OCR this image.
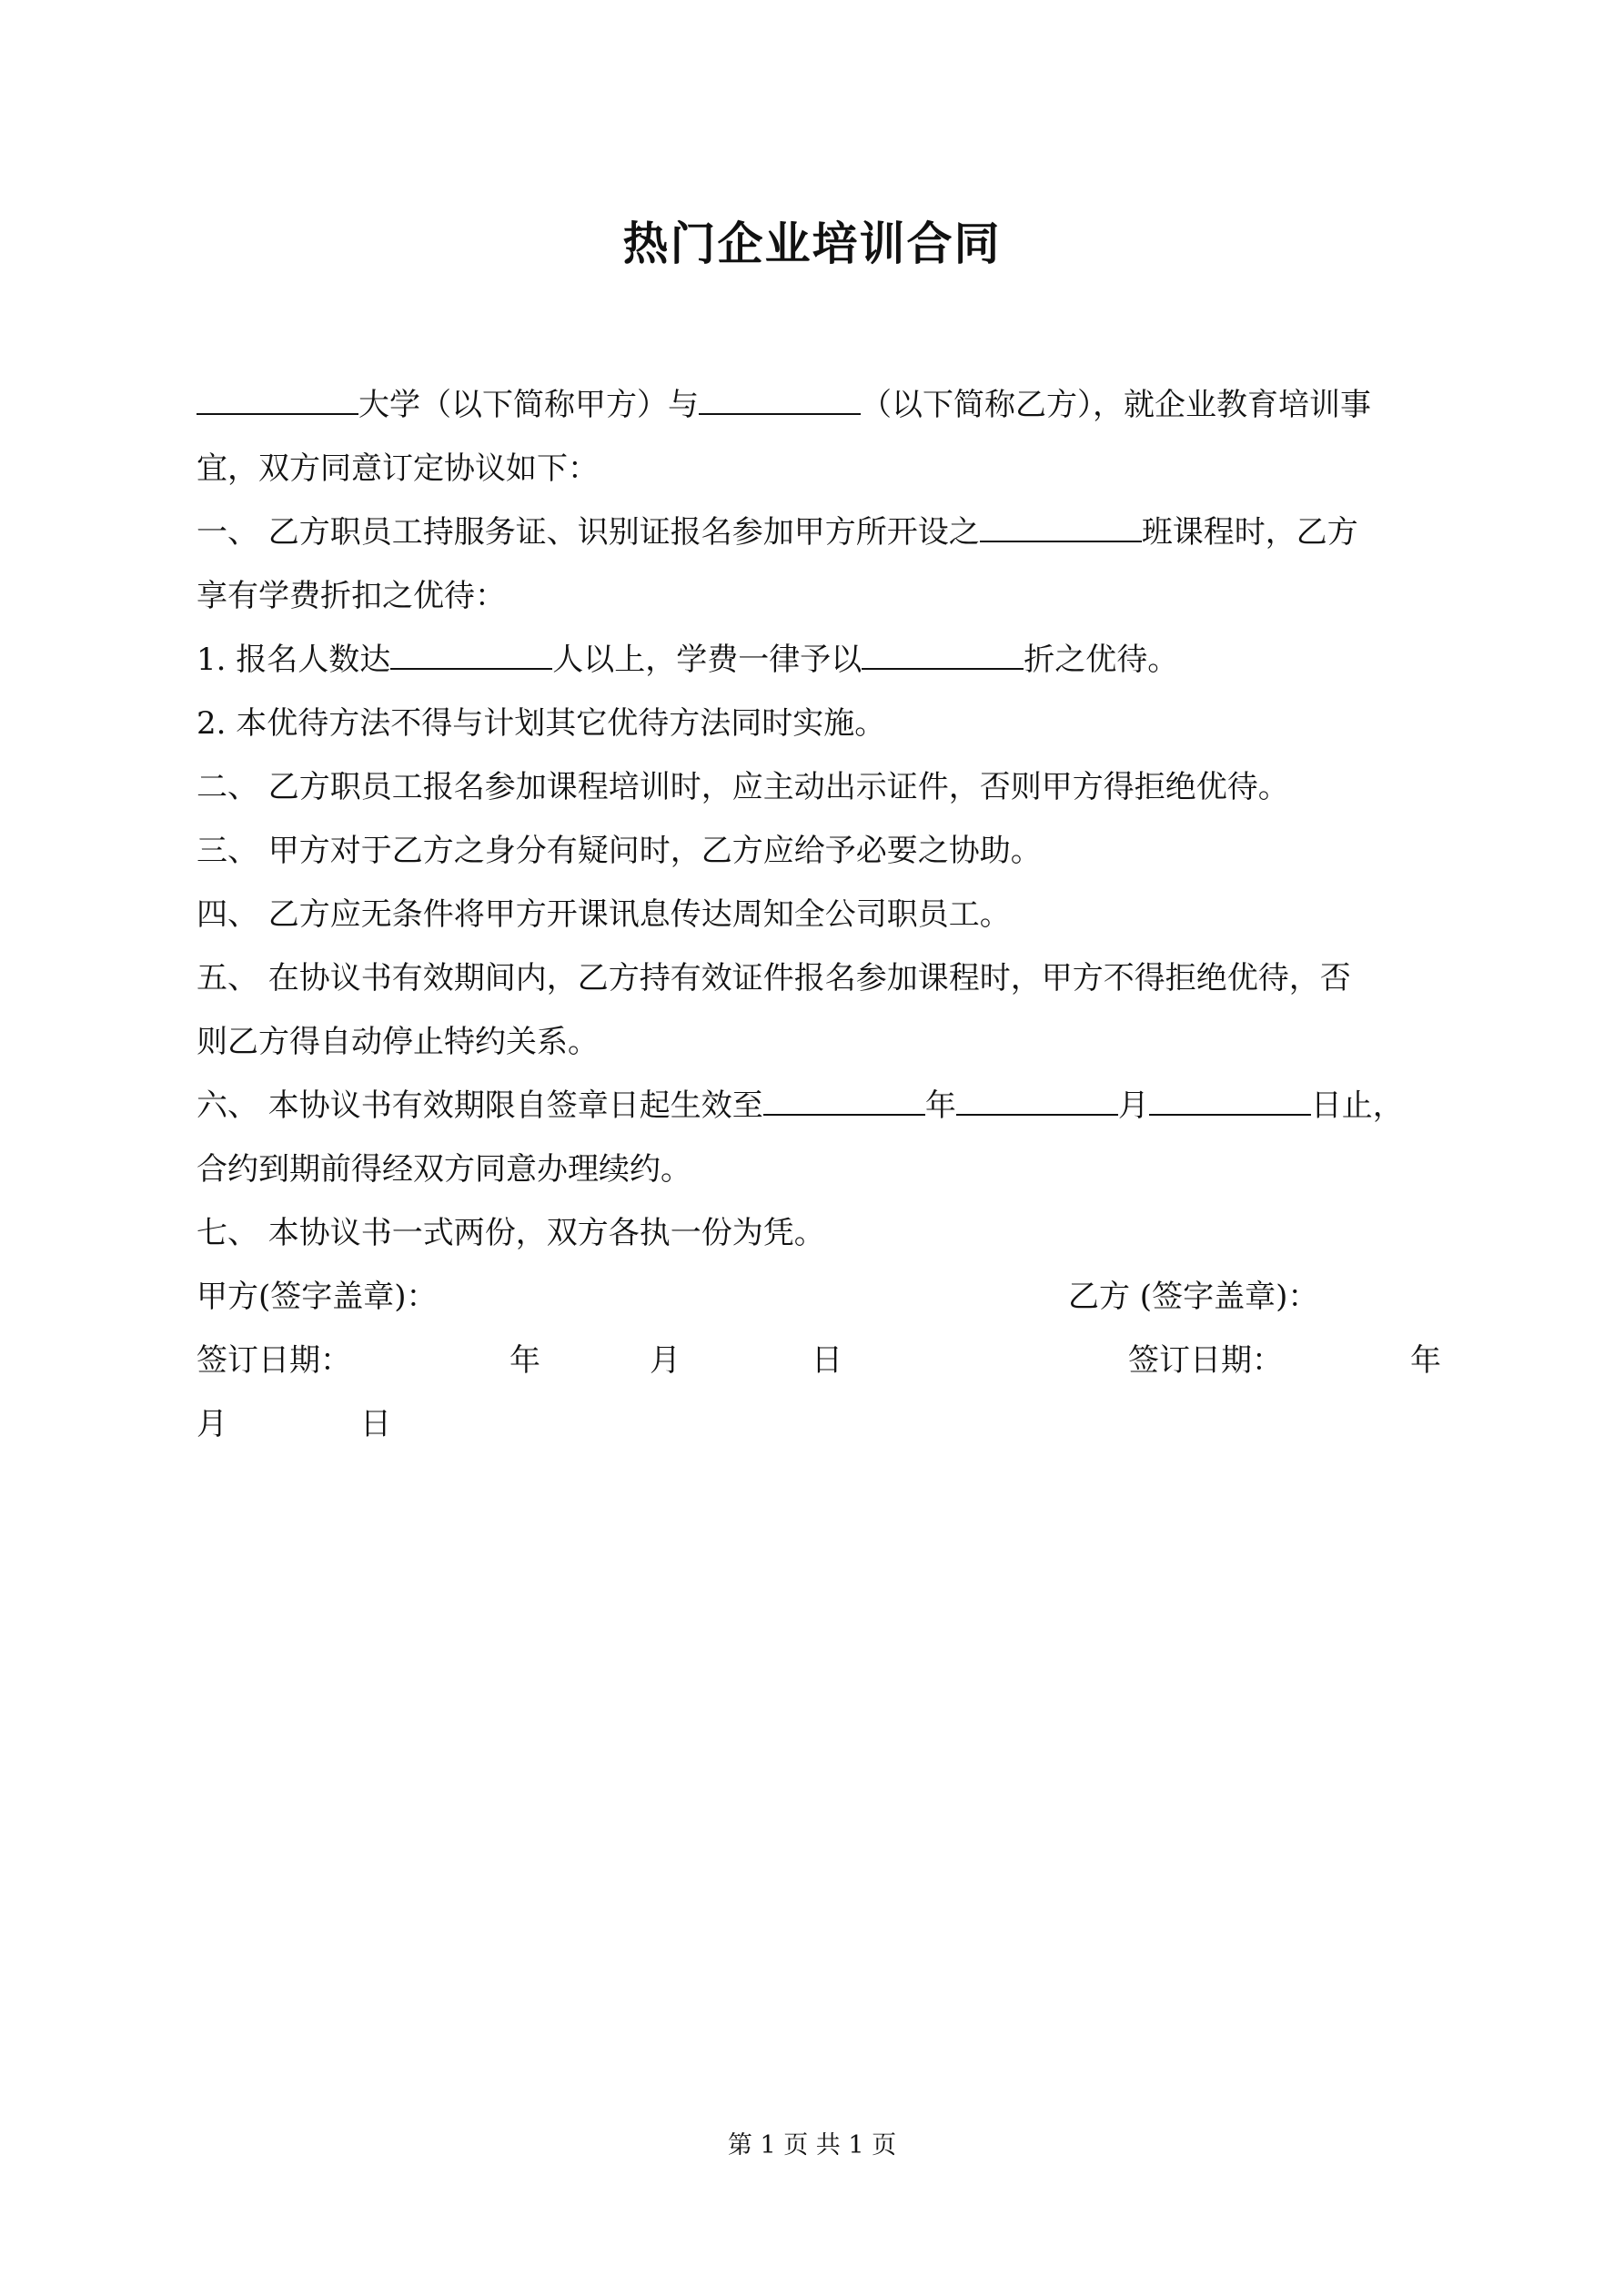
热门企业培训合同
大学（以下简称甲方）与	（以下简称乙方），就企业教育培训事
宜，双方同意订定协议如下：
一、 乙方职员工持服务证、识别证报名参加甲方所开设之	班课程时，乙方
享有学费折扣之优待：
1. 报名人数达	人以上，学费一律予以	折之优待。
2. 本优待方法不得与计划其它优待方法同时实施。
二、 乙方职员工报名参加课程培训时，应主动出示证件，否则甲方得拒绝优待。
三、 甲方对于乙方之身分有疑问时，乙方应给予必要之协助。
四、 乙方应无条件将甲方开课讯息传达周知全公司职员工。
五、 在协议书有效期间内，乙方持有效证件报名参加课程时，甲方不得拒绝优待，否
则乙方得自动停止特约关系。
六、 本协议书有效期限自签章日起生效至	年	月	日止，
合约到期前得经双方同意办理续约。
七、 本协议书一式两份，双方各执一份为凭。
甲方(签字盖章)：	乙方 (签字盖章)：
签订日期：	年	月	日	签订日期：	年
月	日
第 1 页 共 1 页
